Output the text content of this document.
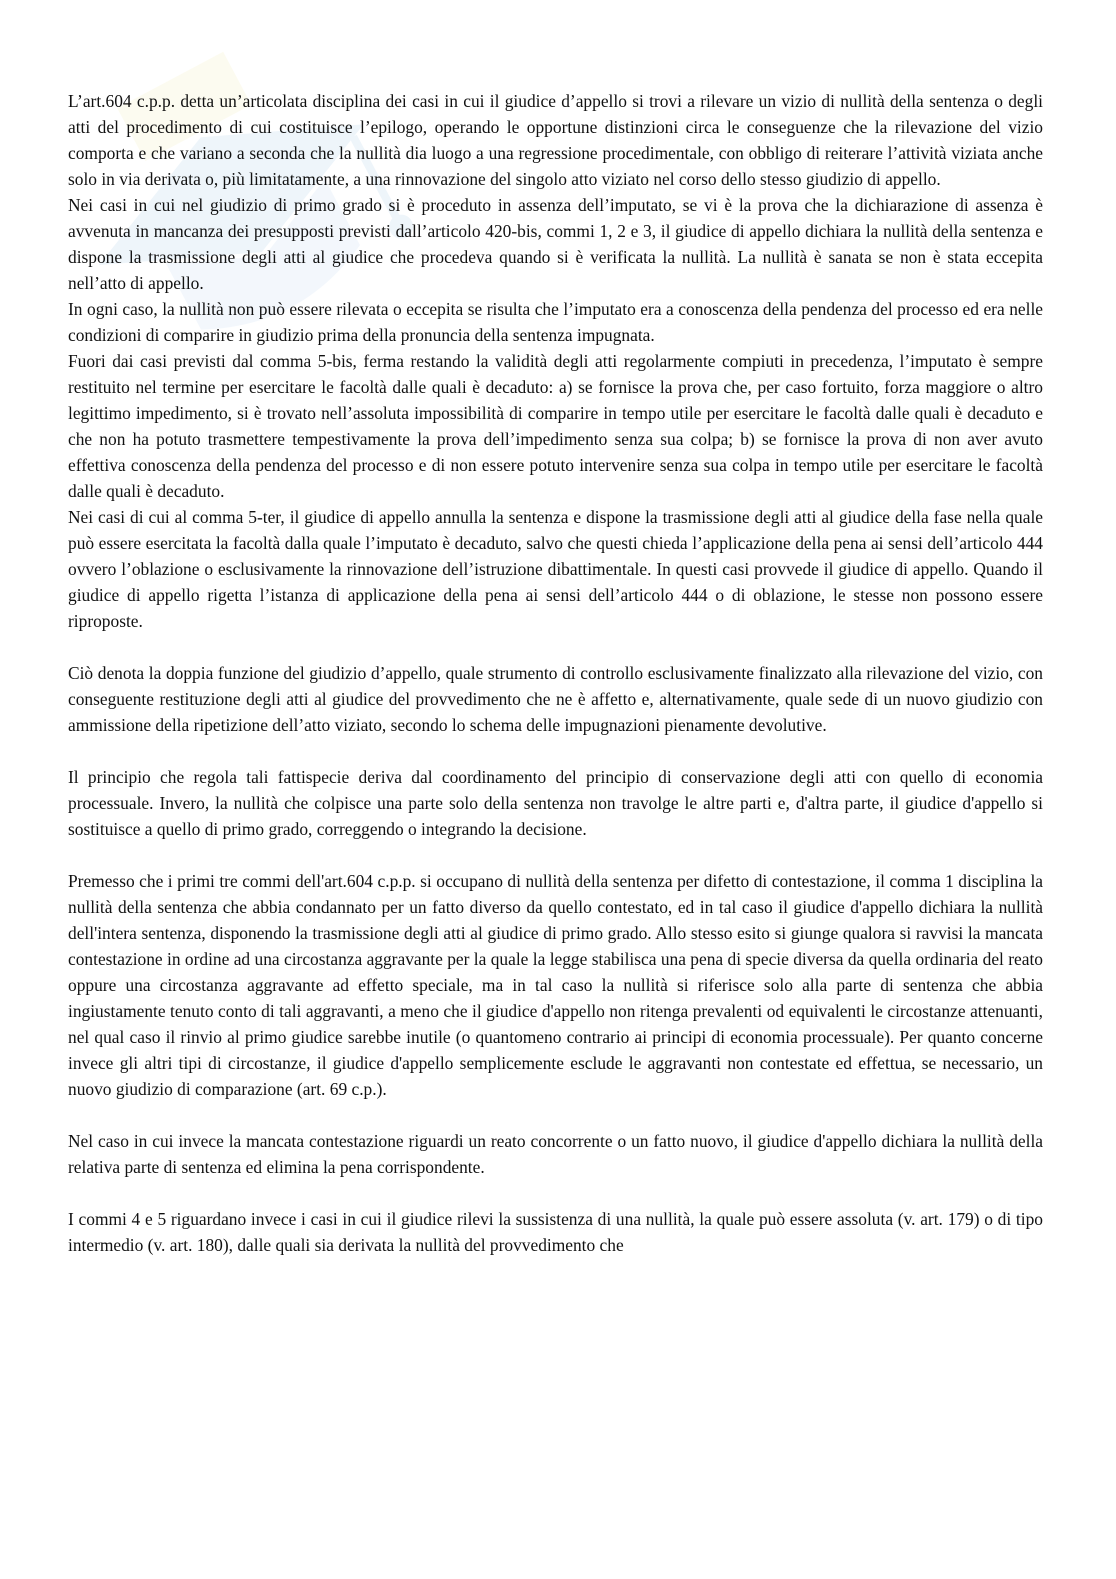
L’art.604 c.p.p. detta un’articolata disciplina dei casi in cui il giudice d’appello si trovi a rilevare un vizio di nullità della sentenza o degli atti del procedimento di cui costituisce l’epilogo, operando le opportune distinzioni circa le conseguenze che la rilevazione del vizio comporta e che variano a seconda che la nullità dia luogo a una regressione procedimentale, con obbligo di reiterare l’attività viziata anche solo in via derivata o, più limitatamente, a una rinnovazione del singolo atto viziato nel corso dello stesso giudizio di appello.

Nei casi in cui nel giudizio di primo grado si è proceduto in assenza dell’imputato, se vi è la prova che la dichiarazione di assenza è avvenuta in mancanza dei presupposti previsti dall’articolo 420-bis, commi 1, 2 e 3, il giudice di appello dichiara la nullità della sentenza e dispone la trasmissione degli atti al giudice che procedeva quando si è verificata la nullità. La nullità è sanata se non è stata eccepita nell’atto di appello.

In ogni caso, la nullità non può essere rilevata o eccepita se risulta che l’imputato era a conoscenza della pendenza del processo ed era nelle condizioni di comparire in giudizio prima della pronuncia della sentenza impugnata.

Fuori dai casi previsti dal comma 5-bis, ferma restando la validità degli atti regolarmente compiuti in precedenza, l’imputato è sempre restituito nel termine per esercitare le facoltà dalle quali è decaduto: a) se fornisce la prova che, per caso fortuito, forza maggiore o altro legittimo impedimento, si è trovato nell’assoluta impossibilità di comparire in tempo utile per esercitare le facoltà dalle quali è decaduto e che non ha potuto trasmettere tempestivamente la prova dell’impedimento senza sua colpa; b) se fornisce la prova di non aver avuto effettiva conoscenza della pendenza del processo e di non essere potuto intervenire senza sua colpa in tempo utile per esercitare le facoltà dalle quali è decaduto.

Nei casi di cui al comma 5-ter, il giudice di appello annulla la sentenza e dispone la trasmissione degli atti al giudice della fase nella quale può essere esercitata la facoltà dalla quale l’imputato è decaduto, salvo che questi chieda l’applicazione della pena ai sensi dell’articolo 444 ovvero l’oblazione o esclusivamente la rinnovazione dell’istruzione dibattimentale. In questi casi provvede il giudice di appello. Quando il giudice di appello rigetta l’istanza di applicazione della pena ai sensi dell’articolo 444 o di oblazione, le stesse non possono essere riproposte.

Ciò denota la doppia funzione del giudizio d’appello, quale strumento di controllo esclusivamente finalizzato alla rilevazione del vizio, con conseguente restituzione degli atti al giudice del provvedimento che ne è affetto e, alternativamente, quale sede di un nuovo giudizio con ammissione della ripetizione dell’atto viziato, secondo lo schema delle impugnazioni pienamente devolutive.

Il principio che regola tali fattispecie deriva dal coordinamento del principio di conservazione degli atti con quello di economia processuale. Invero, la nullità che colpisce una parte solo della sentenza non travolge le altre parti e, d'altra parte, il giudice d'appello si sostituisce a quello di primo grado, correggendo o integrando la decisione.

Premesso che i primi tre commi dell'art.604 c.p.p. si occupano di nullità della sentenza per difetto di contestazione, il comma 1 disciplina la nullità della sentenza che abbia condannato per un fatto diverso da quello contestato, ed in tal caso il giudice d'appello dichiara la nullità dell'intera sentenza, disponendo la trasmissione degli atti al giudice di primo grado. Allo stesso esito si giunge qualora si ravvisi la mancata contestazione in ordine ad una circostanza aggravante per la quale la legge stabilisca una pena di specie diversa da quella ordinaria del reato oppure una circostanza aggravante ad effetto speciale, ma in tal caso la nullità si riferisce solo alla parte di sentenza che abbia ingiustamente tenuto conto di tali aggravanti, a meno che il giudice d'appello non ritenga prevalenti od equivalenti le circostanze attenuanti, nel qual caso il rinvio al primo giudice sarebbe inutile (o quantomeno contrario ai principi di economia processuale). Per quanto concerne invece gli altri tipi di circostanze, il giudice d'appello semplicemente esclude le aggravanti non contestate ed effettua, se necessario, un nuovo giudizio di comparazione (art. 69 c.p.).

Nel caso in cui invece la mancata contestazione riguardi un reato concorrente o un fatto nuovo, il giudice d'appello dichiara la nullità della relativa parte di sentenza ed elimina la pena corrispondente.

I commi 4 e 5 riguardano invece i casi in cui il giudice rilevi la sussistenza di una nullità, la quale può essere assoluta (v. art. 179) o di tipo intermedio (v. art. 180), dalle quali sia derivata la nullità del provvedimento che
